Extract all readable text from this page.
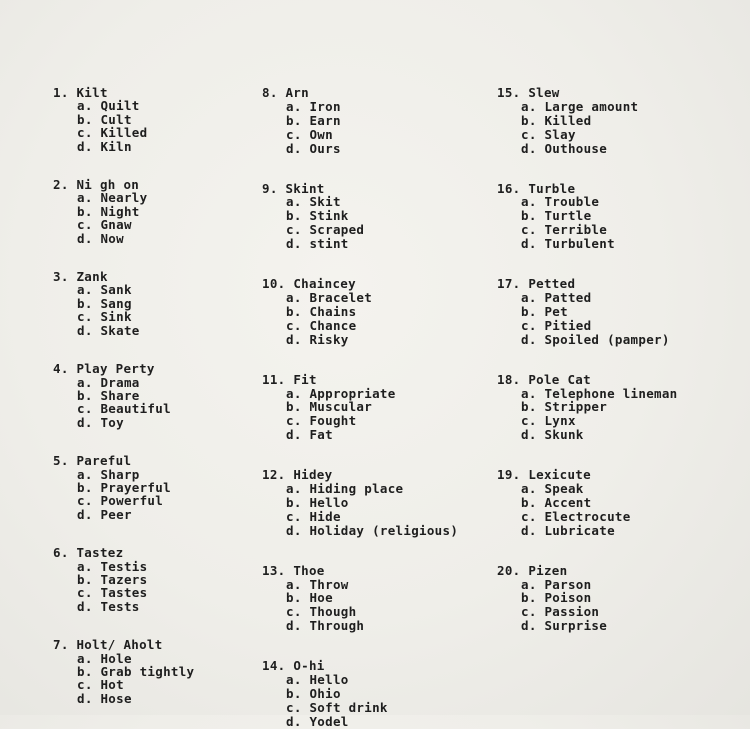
1. Kilt
a. Quilt
b. Cult
c. Killed
d. Kiln
2. Ni gh on
a. Nearly
b. Night
c. Gnaw
d. Now
3. Zank
a. Sank
b. Sang
c. Sink
d. Skate
4. Play Perty
a. Drama
b. Share
c. Beautiful
d. Toy
5. Pareful
a. Sharp
b. Prayerful
c. Powerful
d. Peer
6. Tastez
a. Testis
b. Tazers
c. Tastes
d. Tests
7. Holt/ Aholt
a. Hole
b. Grab tightly
c. Hot
d. Hose
8. Arn
a. Iron
b. Earn
c. Own
d. Ours
9. Skint
a. Skit
b. Stink
c. Scraped
d. stint
10. Chaincey
a. Bracelet
b. Chains
c. Chance
d. Risky
11. Fit
a. Appropriate
b. Muscular
c. Fought
d. Fat
12. Hidey
a. Hiding place
b. Hello
c. Hide
d. Holiday (religious)
13. Thoe
a. Throw
b. Hoe
c. Though
d. Through
14. O-hi
a. Hello
b. Ohio
c. Soft drink
d. Yodel
15. Slew
a. Large amount
b. Killed
c. Slay
d. Outhouse
16. Turble
a. Trouble
b. Turtle
c. Terrible
d. Turbulent
17. Petted
a. Patted
b. Pet
c. Pitied
d. Spoiled (pamper)
18. Pole Cat
a. Telephone lineman
b. Stripper
c. Lynx
d. Skunk
19. Lexicute
a. Speak
b. Accent
c. Electrocute
d. Lubricate
20. Pizen
a. Parson
b. Poison
c. Passion
d. Surprise
